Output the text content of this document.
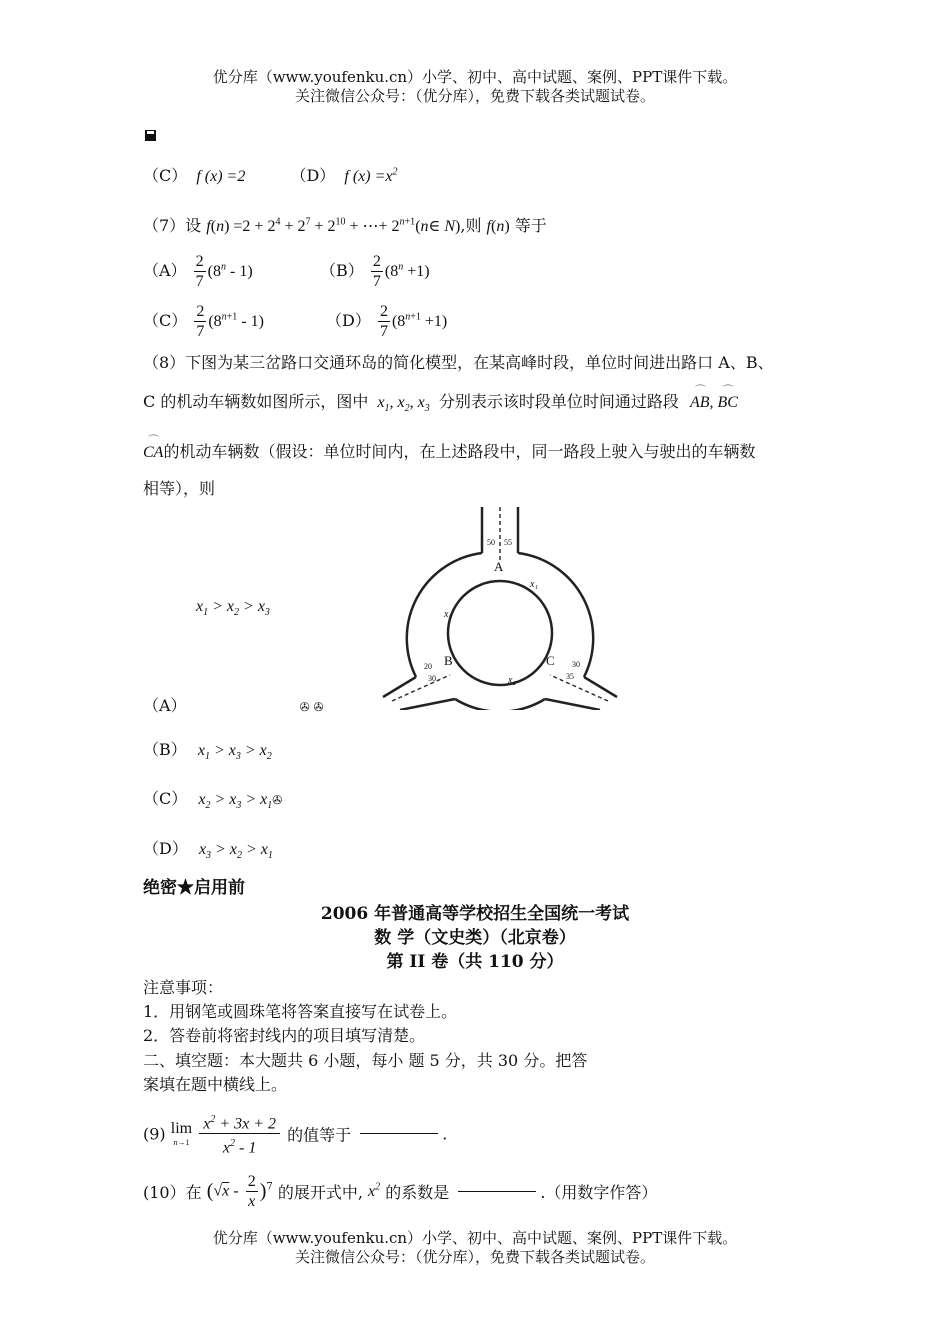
优分库（www.youfenku.cn）小学、初中、高中试题、案例、PPT课件下载。
关注微信公众号：（优分库），免费下载各类试题试卷。
（C） f (x) =2	（D） f $(x) =x^2$
（7）设 $f(n) =2 + 2^4 + 2^7 + 2^{10}$ + ⋯+ $2^{n+1}(n\in$ N),则 f(n) 等于
$(A) \frac{2}{7} (8^n - 1)$	$(B) \frac{2}{7} (8^n +1)$
$(C) \frac{2}{7} (8^{n+1} - 1)$	$(D) \frac{2}{7} (8^{n+1} +1)$
（8）下图为某三岔路口交通环岛的简化模型，在某高峰时段，单位时间进出路口 A、B、
C 的机动车辆数如图所示，图中 $x_1$, $x_2$, $x_3$ 分别表示该时段单位时间通过路段 ⌒ AB, ⌒ BC
⌒ CA的机动车辆数（假设：单位时间内，在上述路段中，同一路段上驶入与驶出的车辆数
相等），则
A
B	C
50 55
20
30
30
35
x₁
x₃
x₂
$x_1 > x_2 > x_3$
（A）	✇ ✇
（B） $x_1 > x_3 > x_2$
（C） $x_2 > x_3$ > $x_1✇$
（D） $x_3 > x_2 > x_1$
绝密★启用前
2006 年普通高等学校招生全国统一考试
数 学（文史类）（北京卷）
第 II 卷（共 110 分）
注意事项：
1．用钢笔或圆珠笔将答案直接写在试卷上。
2．答卷前将密封线内的项目填写清楚。
二、填空题：本大题共 6 小题，每小 题 5 分，共 30 分。把答
案填在题中横线上。
(9) lim
n→1
$\frac{x^2 + 3x + 2}{x^2 - 1}$ 的值等于	.
(10）在 $(√x - \frac{2}{x} )^7$ 的展开式中, $x^2$ 的系数是	.（用数字作答）
优分库（www.youfenku.cn）小学、初中、高中试题、案例、PPT课件下载。
关注微信公众号：（优分库），免费下载各类试题试卷。
